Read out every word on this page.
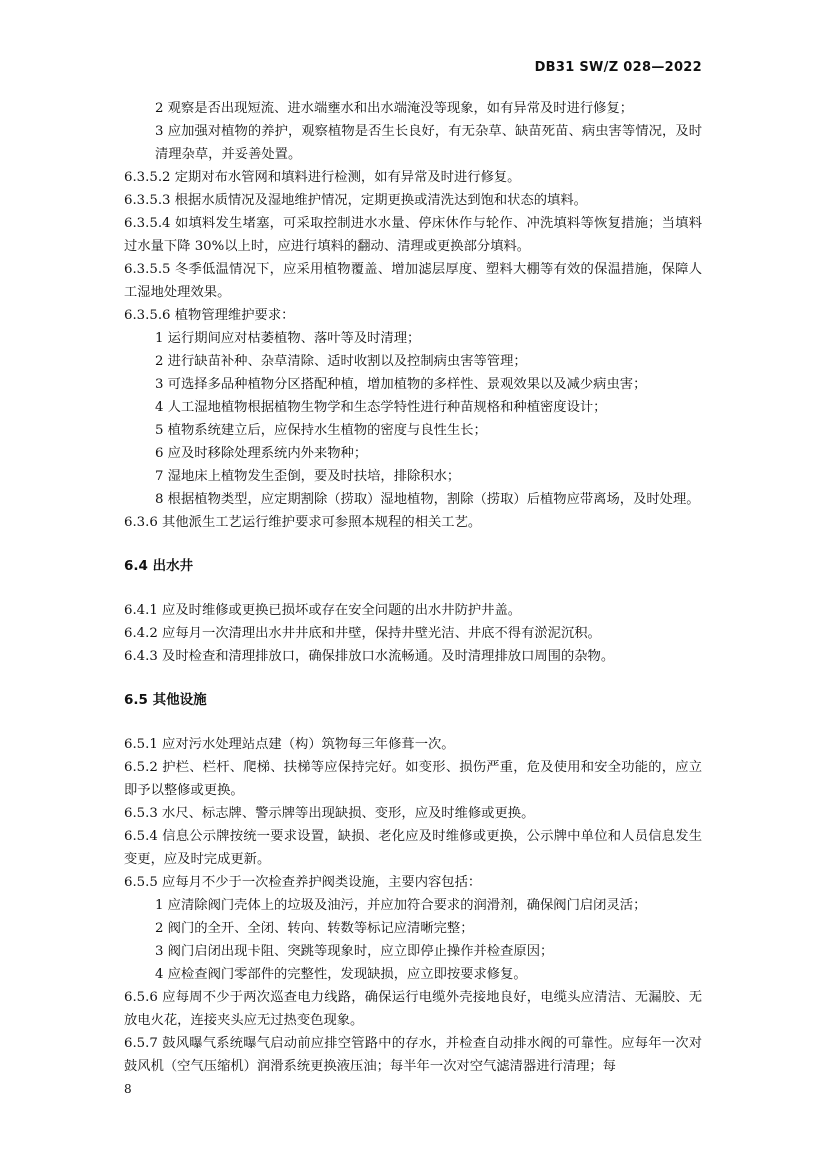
DB31 SW/Z 028—2022

2 观察是否出现短流、进水端壅水和出水端淹没等现象，如有异常及时进行修复；

3 应加强对植物的养护，观察植物是否生长良好，有无杂草、缺苗死苗、病虫害等情况，及时清理杂草，并妥善处置。

6.3.5.2 定期对布水管网和填料进行检测，如有异常及时进行修复。

6.3.5.3 根据水质情况及湿地维护情况，定期更换或清洗达到饱和状态的填料。

6.3.5.4 如填料发生堵塞，可采取控制进水水量、停床休作与轮作、冲洗填料等恢复措施；当填料过水量下降 30%以上时，应进行填料的翻动、清理或更换部分填料。

6.3.5.5 冬季低温情况下，应采用植物覆盖、增加滤层厚度、塑料大棚等有效的保温措施，保障人工湿地处理效果。

6.3.5.6 植物管理维护要求：

1 运行期间应对枯萎植物、落叶等及时清理；

2 进行缺苗补种、杂草清除、适时收割以及控制病虫害等管理；

3 可选择多品种植物分区搭配种植，增加植物的多样性、景观效果以及减少病虫害；

4 人工湿地植物根据植物生物学和生态学特性进行种苗规格和种植密度设计；

5 植物系统建立后，应保持水生植物的密度与良性生长；

6 应及时移除处理系统内外来物种；

7 湿地床上植物发生歪倒，要及时扶培，排除积水；

8 根据植物类型，应定期割除（捞取）湿地植物，割除（捞取）后植物应带离场，及时处理。

6.3.6 其他派生工艺运行维护要求可参照本规程的相关工艺。

6.4 出水井

6.4.1 应及时维修或更换已损坏或存在安全问题的出水井防护井盖。

6.4.2 应每月一次清理出水井井底和井壁，保持井壁光洁、井底不得有淤泥沉积。

6.4.3 及时检查和清理排放口，确保排放口水流畅通。及时清理排放口周围的杂物。

6.5 其他设施

6.5.1 应对污水处理站点建（构）筑物每三年修葺一次。

6.5.2 护栏、栏杆、爬梯、扶梯等应保持完好。如变形、损伤严重，危及使用和安全功能的，应立即予以整修或更换。

6.5.3 水尺、标志牌、警示牌等出现缺损、变形，应及时维修或更换。

6.5.4 信息公示牌按统一要求设置，缺损、老化应及时维修或更换，公示牌中单位和人员信息发生变更，应及时完成更新。

6.5.5 应每月不少于一次检查养护阀类设施，主要内容包括：

1 应清除阀门壳体上的垃圾及油污，并应加符合要求的润滑剂，确保阀门启闭灵活；

2 阀门的全开、全闭、转向、转数等标记应清晰完整；

3 阀门启闭出现卡阻、突跳等现象时，应立即停止操作并检查原因；

4 应检查阀门零部件的完整性，发现缺损，应立即按要求修复。

6.5.6 应每周不少于两次巡查电力线路，确保运行电缆外壳接地良好，电缆头应清洁、无漏胶、无放电火花，连接夹头应无过热变色现象。

6.5.7 鼓风曝气系统曝气启动前应排空管路中的存水，并检查自动排水阀的可靠性。应每年一次对鼓风机（空气压缩机）润滑系统更换液压油；每半年一次对空气滤清器进行清理；每

8
